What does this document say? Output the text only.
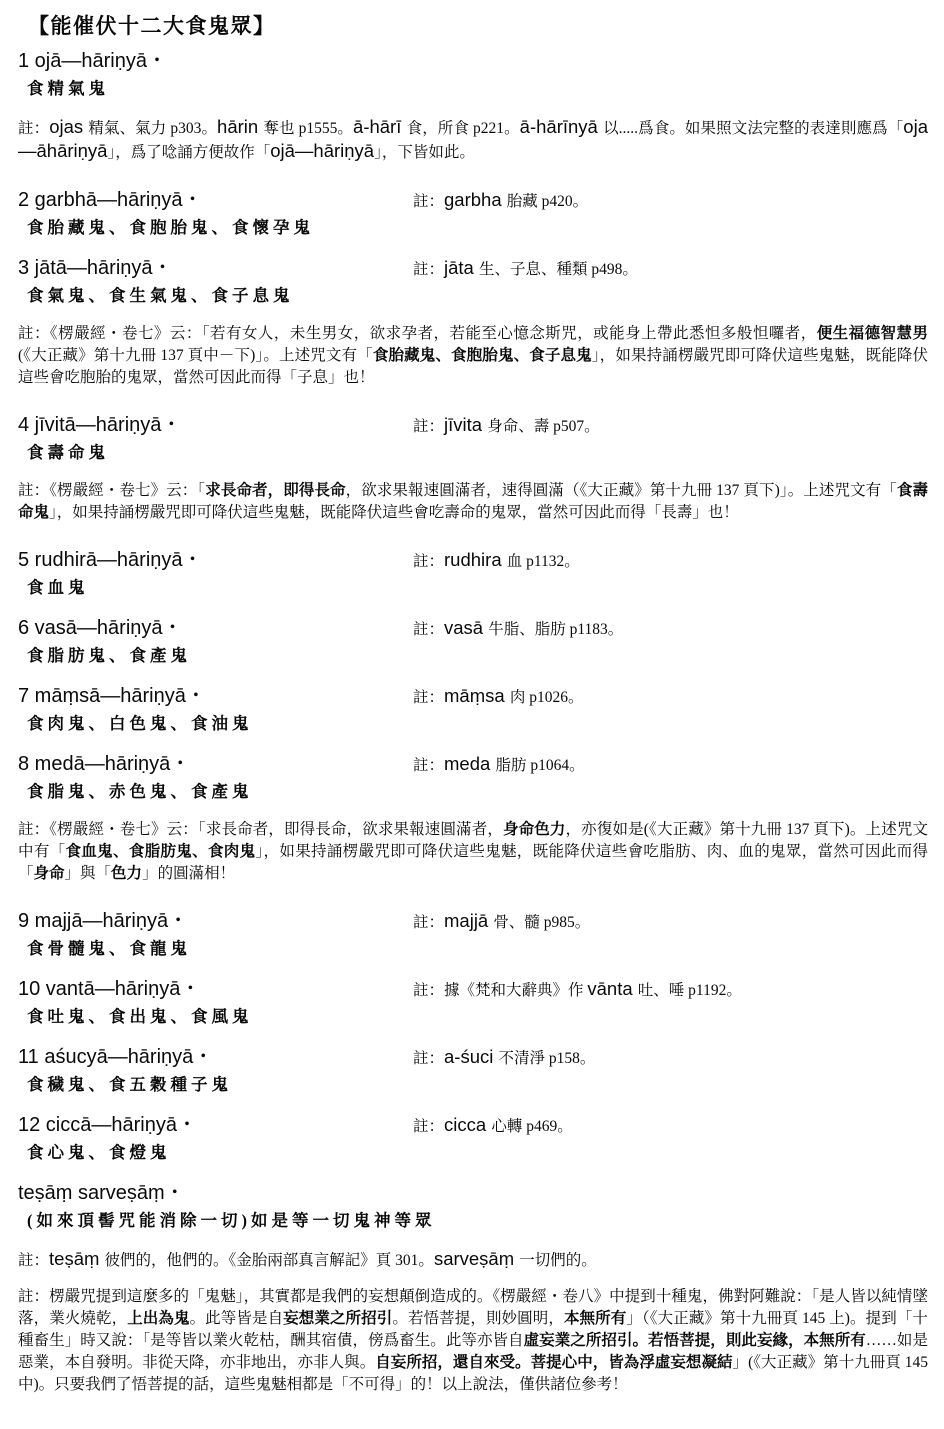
【能催伏十二大食鬼眾】
1 ojā—hāriṇyā・
食精氣鬼
註：ojas 精氣、氣力 p303。hārin 奪也 p1555。ā-hārī 食，所食 p221。ā-hārīnyā 以.....爲食。如果照文法完整的表達則應爲「oja—āhāriṇyā」，爲了唸誦方便故作「ojā—hāriṇyā」，下皆如此。
2 garbhā—hāriṇyā・	註：garbha 胎藏 p420。
食胎藏鬼、食胞胎鬼、食懷孕鬼
3 jātā—hāriṇyā・	註：jāta 生、子息、種類 p498。
食氣鬼、食生氣鬼、食子息鬼
註：《楞嚴經・卷七》云：「若有女人，未生男女，欲求孕者，若能至心憶念斯咒，或能身上帶此悉怛多般怛囉者，便生福德智慧男(《大正藏》第十九冊 137 頁中－下)」。上述咒文有「食胎藏鬼、食胞胎鬼、食子息鬼」，如果持誦楞嚴咒即可降伏這些鬼魅，既能降伏這些會吃胞胎的鬼眾，當然可因此而得「子息」也！
4 jīvitā—hāriṇyā・	註：jīvita 身命、壽 p507。
食壽命鬼
註：《楞嚴經・卷七》云：「求長命者，即得長命，欲求果報速圓滿者，速得圓滿（《大正藏》第十九冊 137 頁下)」。上述咒文有「食壽命鬼」，如果持誦楞嚴咒即可降伏這些鬼魅，既能降伏這些會吃壽命的鬼眾，當然可因此而得「長壽」也！
5 rudhirā—hāriṇyā・	註：rudhira 血 p1132。
食血鬼
6 vasā—hāriṇyā・	註：vasā 牛脂、脂肪 p1183。
食脂肪鬼、食產鬼
7 māṃsā—hāriṇyā・	註：māṃsa 肉 p1026。
食肉鬼、白色鬼、食油鬼
8 medā—hāriṇyā・	註：meda 脂肪 p1064。
食脂鬼、赤色鬼、食產鬼
註：《楞嚴經・卷七》云：「求長命者，即得長命，欲求果報速圓滿者，身命色力，亦復如是(《大正藏》第十九冊 137 頁下)。上述咒文中有「食血鬼、食脂肪鬼、食肉鬼」，如果持誦楞嚴咒即可降伏這些鬼魅，既能降伏這些會吃脂肪、肉、血的鬼眾，當然可因此而得「身命」與「色力」的圓滿相！
9 majjā—hāriṇyā・	註：majjā 骨、髓 p985。
食骨髓鬼、食龍鬼
10 vantā—hāriṇyā・	註：據《梵和大辭典》作 vānta 吐、唾 p1192。
食吐鬼、食出鬼、食風鬼
11 aśucyā—hāriṇyā・	註：a-śuci 不清淨 p158。
食穢鬼、食五穀種子鬼
12 ciccā—hāriṇyā・	註：cicca 心轉 p469。
食心鬼、食燈鬼
teṣāṃ sarveṣāṃ・
(如來頂髻咒能消除一切)如是等一切鬼神等眾
註：teṣāṃ 彼們的，他們的。《金胎兩部真言解記》頁 301。sarveṣāṃ 一切們的。
註：楞嚴咒提到這麼多的「鬼魅」，其實都是我們的妄想顛倒造成的。《楞嚴經・卷八》中提到十種鬼，佛對阿難說：「是人皆以純情墜落，業火燒乾，上出為鬼。此等皆是自妄想業之所招引。若悟菩提，則妙圓明，本無所有」（《大正藏》第十九冊頁 145 上)。提到「十種畜生」時又說：「是等皆以業火乾枯，酬其宿債，傍爲畜生。此等亦皆自虛妄業之所招引。若悟菩提，則此妄緣，本無所有……如是惡業，本自發明。非從天降，亦非地出，亦非人與。自妄所招，還自來受。菩提心中，皆為浮虛妄想凝結」(《大正藏》第十九冊頁 145 中)。只要我們了悟菩提的話，這些鬼魅相都是「不可得」的！以上說法，僅供諸位參考！
